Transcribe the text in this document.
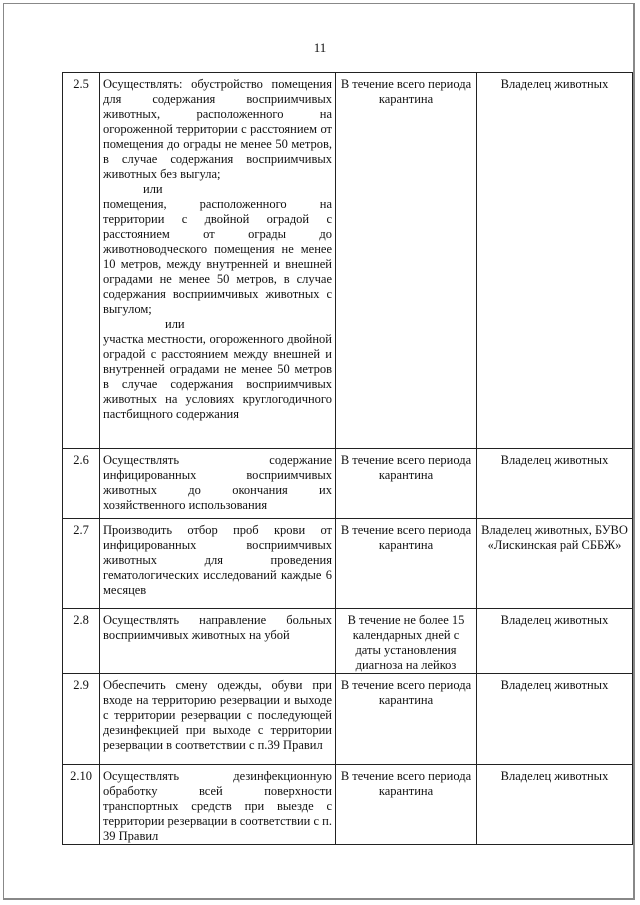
11
2.5	Осуществлять: обустройство помещения для содержания восприимчивых животных, расположенного на огороженной территории с расстоянием от помещения до ограды не менее 50 метров, в случае содержания восприимчивых животных без выгула;
или
помещения, расположенного на территории с двойной оградой с расстоянием от ограды до животноводческого помещения не менее 10 метров, между внутренней и внешней оградами не менее 50 метров, в случае содержания восприимчивых животных с выгулом;
или
участка местности, огороженного двойной оградой с расстоянием между внешней и внутренней оградами не менее 50 метров в случае содержания восприимчивых животных на условиях круглогодичного пастбищного содержания	В течение всего периода карантина	Владелец животных
2.6	Осуществлять содержание инфицированных восприимчивых животных до окончания их хозяйственного использования	В течение всего периода карантина	Владелец животных
2.7	Производить отбор проб крови от инфицированных восприимчивых животных для проведения гематологических исследований каждые 6 месяцев	В течение всего периода карантина	Владелец животных, БУВО «Лискинская рай СББЖ»
2.8	Осуществлять направление больных восприимчивых животных на убой	В течение не более 15 календарных дней с даты установления диагноза на лейкоз	Владелец животных
2.9	Обеспечить смену одежды, обуви при входе на территорию резервации и выходе с территории резервации с последующей дезинфекцией при выходе с территории резервации в соответствии с п.39 Правил	В течение всего периода карантина	Владелец животных
2.10	Осуществлять дезинфекционную обработку всей поверхности транспортных средств при выезде с территории резервации в соответствии с п. 39 Правил	В течение всего периода карантина	Владелец животных
